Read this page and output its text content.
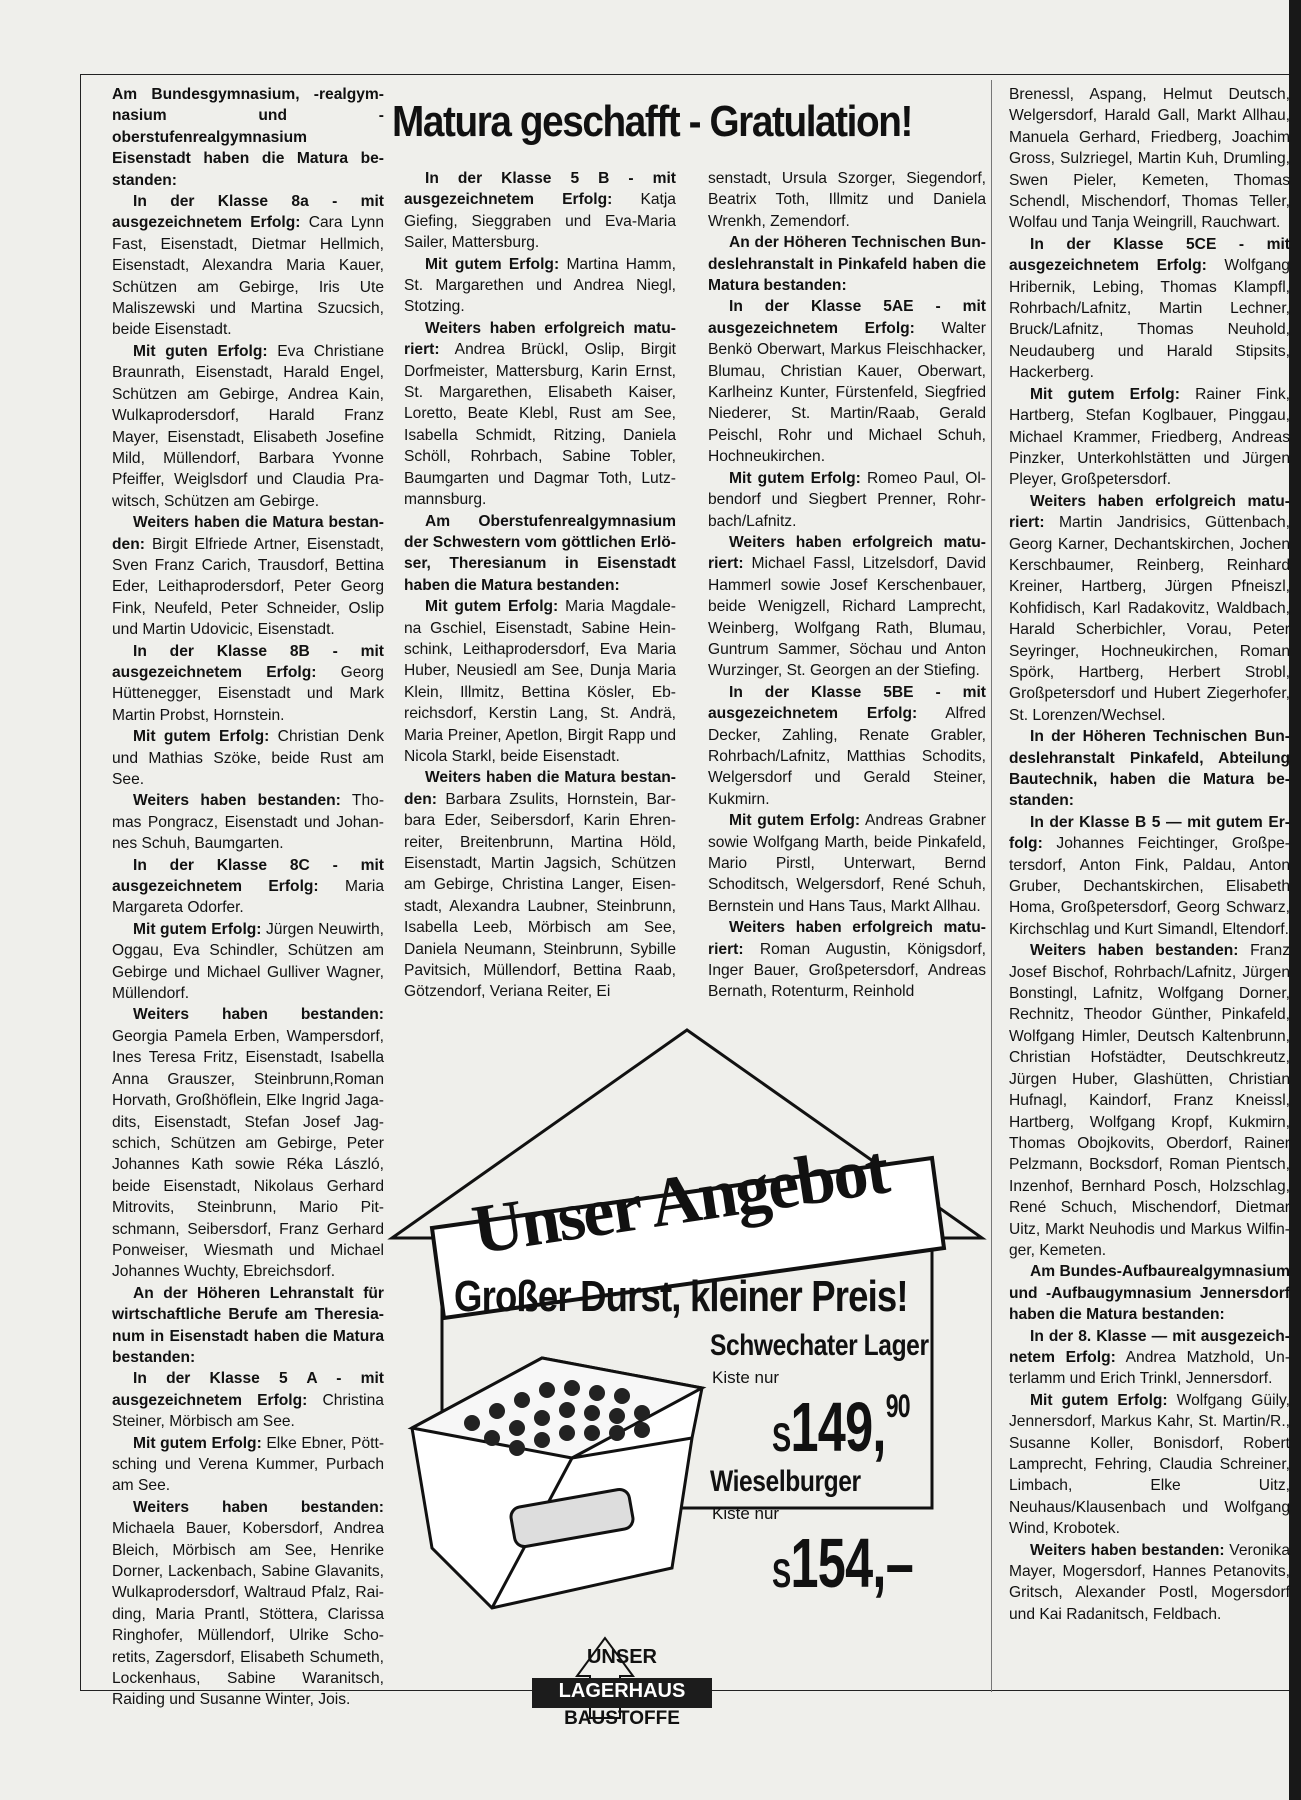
Matura geschafft - Gratulation!

Am Bundesgymnasium, -realgymnasium und -oberstufenrealgymnasium Eisenstadt haben die Matura bestanden:

In der Klasse 8a - mit ausgezeichnetem Erfolg: Cara Lynn Fast, Eisenstadt, Dietmar Hellmich, Eisenstadt, Alexandra Maria Kauer, Schützen am Gebirge, Iris Ute Maliszewski und Martina Szucsich, beide Eisenstadt.

Mit guten Erfolg: Eva Christiane Braunrath, Eisenstadt, Harald Engel, Schützen am Gebirge, Andrea Kain, Wulkaprodersdorf, Harald Franz Mayer, Eisenstadt, Elisabeth Josefine Mild, Müllendorf, Barbara Yvonne Pfeiffer, Weiglsdorf und Claudia Prawitsch, Schützen am Gebirge.

Weiters haben die Matura bestanden: Birgit Elfriede Artner, Eisenstadt, Sven Franz Carich, Trausdorf, Bettina Eder, Leithaprodersdorf, Peter Georg Fink, Neufeld, Peter Schneider, Oslip und Martin Udovicic, Eisenstadt.

In der Klasse 8B - mit ausgezeichnetem Erfolg: Georg Hüttenegger, Eisenstadt und Mark Martin Probst, Hornstein.

Mit gutem Erfolg: Christian Denk und Mathias Szöke, beide Rust am See.

Weiters haben bestanden: Thomas Pongracz, Eisenstadt und Johannes Schuh, Baumgarten.

In der Klasse 8C - mit ausgezeichnetem Erfolg: Maria Margareta Odorfer.

Mit gutem Erfolg: Jürgen Neuwirth, Oggau, Eva Schindler, Schützen am Gebirge und Michael Gulliver Wagner, Müllendorf.

Weiters haben bestanden: Georgia Pamela Erben, Wampersdorf, Ines Teresa Fritz, Eisenstadt, Isabella Anna Grauszer, Steinbrunn,Roman Horvath, Großhöflein, Elke Ingrid Jagadits, Eisenstadt, Stefan Josef Jagschich, Schützen am Gebirge, Peter Johannes Kath sowie Réka László, beide Eisenstadt, Nikolaus Gerhard Mitrovits, Steinbrunn, Mario Pitschmann, Seibersdorf, Franz Gerhard Ponweiser, Wiesmath und Michael Johannes Wuchty, Ebreichsdorf.

An der Höheren Lehranstalt für wirtschaftliche Berufe am Theresianum in Eisenstadt haben die Matura bestanden:

In der Klasse 5 A - mit ausgezeichnetem Erfolg: Christina Steiner, Mörbisch am See.

Mit gutem Erfolg: Elke Ebner, Pöttsching und Verena Kummer, Purbach am See.

Weiters haben bestanden: Michaela Bauer, Kobersdorf, Andrea Bleich, Mörbisch am See, Henrike Dorner, Lackenbach, Sabine Glavanits, Wulkaprodersdorf, Waltraud Pfalz, Raiding, Maria Prantl, Stöttera, Clarissa Ringhofer, Müllendorf, Ulrike Schoretits, Zagersdorf, Elisabeth Schumeth, Lockenhaus, Sabine Waranitsch, Raiding und Susanne Winter, Jois.

In der Klasse 5 B - mit ausgezeichnetem Erfolg: Katja Giefing, Sieggraben und Eva-Maria Sailer, Mattersburg.

Mit gutem Erfolg: Martina Hamm, St. Margarethen und Andrea Niegl, Stotzing.

Weiters haben erfolgreich maturiert: Andrea Brückl, Oslip, Birgit Dorfmeister, Mattersburg, Karin Ernst, St. Margarethen, Elisabeth Kaiser, Loretto, Beate Klebl, Rust am See, Isabella Schmidt, Ritzing, Daniela Schöll, Rohrbach, Sabine Tobler, Baumgarten und Dagmar Toth, Lutzmannsburg.

Am Oberstufenrealgymnasium der Schwestern vom göttlichen Erlöser, Theresianum in Eisenstadt haben die Matura bestanden:

Mit gutem Erfolg: Maria Magdalena Gschiel, Eisenstadt, Sabine Heinschink, Leithaprodersdorf, Eva Maria Huber, Neusiedl am See, Dunja Maria Klein, Illmitz, Bettina Kösler, Ebreichsdorf, Kerstin Lang, St. Andrä, Maria Preiner, Apetlon, Birgit Rapp und Nicola Starkl, beide Eisenstadt.

Weiters haben die Matura bestanden: Barbara Zsulits, Hornstein, Barbara Eder, Seibersdorf, Karin Ehrenreiter, Breitenbrunn, Martina Höld, Eisenstadt, Martin Jagsich, Schützen am Gebirge, Christina Langer, Eisenstadt, Alexandra Laubner, Steinbrunn, Isabella Leeb, Mörbisch am See, Daniela Neumann, Steinbrunn, Sybille Pavitsich, Müllendorf, Bettina Raab, Götzendorf, Veriana Reiter, Ei

senstadt, Ursula Szorger, Siegendorf, Beatrix Toth, Illmitz und Daniela Wrenkh, Zemendorf.

An der Höheren Technischen Bundeslehranstalt in Pinkafeld haben die Matura bestanden:

In der Klasse 5AE - mit ausgezeichnetem Erfolg: Walter Benkö Oberwart, Markus Fleischhacker, Blumau, Christian Kauer, Oberwart, Karlheinz Kunter, Fürstenfeld, Siegfried Niederer, St. Martin/Raab, Gerald Peischl, Rohr und Michael Schuh, Hochneukirchen.

Mit gutem Erfolg: Romeo Paul, Olbendorf und Siegbert Prenner, Rohrbach/Lafnitz.

Weiters haben erfolgreich maturiert: Michael Fassl, Litzelsdorf, David Hammerl sowie Josef Kerschenbauer, beide Wenigzell, Richard Lamprecht, Weinberg, Wolfgang Rath, Blumau, Guntrum Sammer, Söchau und Anton Wurzinger, St. Georgen an der Stiefing.

In der Klasse 5BE - mit ausgezeichnetem Erfolg: Alfred Decker, Zahling, Renate Grabler, Rohrbach/Lafnitz, Matthias Schodits, Welgersdorf und Gerald Steiner, Kukmirn.

Mit gutem Erfolg: Andreas Grabner sowie Wolfgang Marth, beide Pinkafeld, Mario Pirstl, Unterwart, Bernd Schoditsch, Welgersdorf, René Schuh, Bernstein und Hans Taus, Markt Allhau.

Weiters haben erfolgreich maturiert: Roman Augustin, Königsdorf, Inger Bauer, Großpetersdorf, Andreas Bernath, Rotenturm, Reinhold

Brenessl, Aspang, Helmut Deutsch, Welgersdorf, Harald Gall, Markt Allhau, Manuela Gerhard, Friedberg, Joachim Gross, Sulzriegel, Martin Kuh, Drumling, Swen Pieler, Kemeten, Thomas Schendl, Mischendorf, Thomas Teller, Wolfau und Tanja Weingrill, Rauchwart.

In der Klasse 5CE - mit ausgezeichnetem Erfolg: Wolfgang Hribernik, Lebing, Thomas Klampfl, Rohrbach/Lafnitz, Martin Lechner, Bruck/Lafnitz, Thomas Neuhold, Neudauberg und Harald Stipsits, Hackerberg.

Mit gutem Erfolg: Rainer Fink, Hartberg, Stefan Koglbauer, Pinggau, Michael Krammer, Friedberg, Andreas Pinzker, Unterkohlstätten und Jürgen Pleyer, Großpetersdorf.

Weiters haben erfolgreich maturiert: Martin Jandrisics, Güttenbach, Georg Karner, Dechantskirchen, Jochen Kerschbaumer, Reinberg, Reinhard Kreiner, Hartberg, Jürgen Pfneiszl, Kohfidisch, Karl Radakovitz, Waldbach, Harald Scherbichler, Vorau, Peter Seyringer, Hochneukirchen, Roman Spörk, Hartberg, Herbert Strobl, Großpetersdorf und Hubert Ziegerhofer, St. Lorenzen/Wechsel.

In der Höheren Technischen Bundeslehranstalt Pinkafeld, Abteilung Bautechnik, haben die Matura bestanden:

In der Klasse B 5 — mit gutem Erfolg: Johannes Feichtinger, Großpetersdorf, Anton Fink, Paldau, Anton Gruber, Dechantskirchen, Elisabeth Homa, Großpetersdorf, Georg Schwarz, Kirchschlag und Kurt Simandl, Eltendorf.

Weiters haben bestanden: Franz Josef Bischof, Rohrbach/Lafnitz, Jürgen Bonstingl, Lafnitz, Wolfgang Dorner, Rechnitz, Theodor Günther, Pinkafeld, Wolfgang Himler, Deutsch Kaltenbrunn, Christian Hofstädter, Deutschkreutz, Jürgen Huber, Glashütten, Christian Hufnagl, Kaindorf, Franz Kneissl, Hartberg, Wolfgang Kropf, Kukmirn, Thomas Obojkovits, Oberdorf, Rainer Pelzmann, Bocksdorf, Roman Pientsch, Inzenhof, Bernhard Posch, Holzschlag, René Schuch, Mischendorf, Dietmar Uitz, Markt Neuhodis und Markus Wilfinger, Kemeten.

Am Bundes-Aufbaurealgymnasium und -Aufbaugymnasium Jennersdorf haben die Matura bestanden:

In der 8. Klasse — mit ausgezeichnetem Erfolg: Andrea Matzhold, Unterlamm und Erich Trinkl, Jennersdorf.

Mit gutem Erfolg: Wolfgang Güily, Jennersdorf, Markus Kahr, St. Martin/R., Susanne Koller, Bonisdorf, Robert Lamprecht, Fehring, Claudia Schreiner, Limbach, Elke Uitz, Neuhaus/Klausenbach und Wolfgang Wind, Krobotek.

Weiters haben bestanden: Veronika Mayer, Mogersdorf, Hannes Petanovits, Gritsch, Alexander Postl, Mogersdorf und Kai Radanitsch, Feldbach.

Unser Angebot
Großer Durst, kleiner Preis!
Schwechater Lager
Kiste nur
S149,90
Wieselburger
Kiste nur
S154,–
UNSER
LAGERHAUS
BAUSTOFFE
